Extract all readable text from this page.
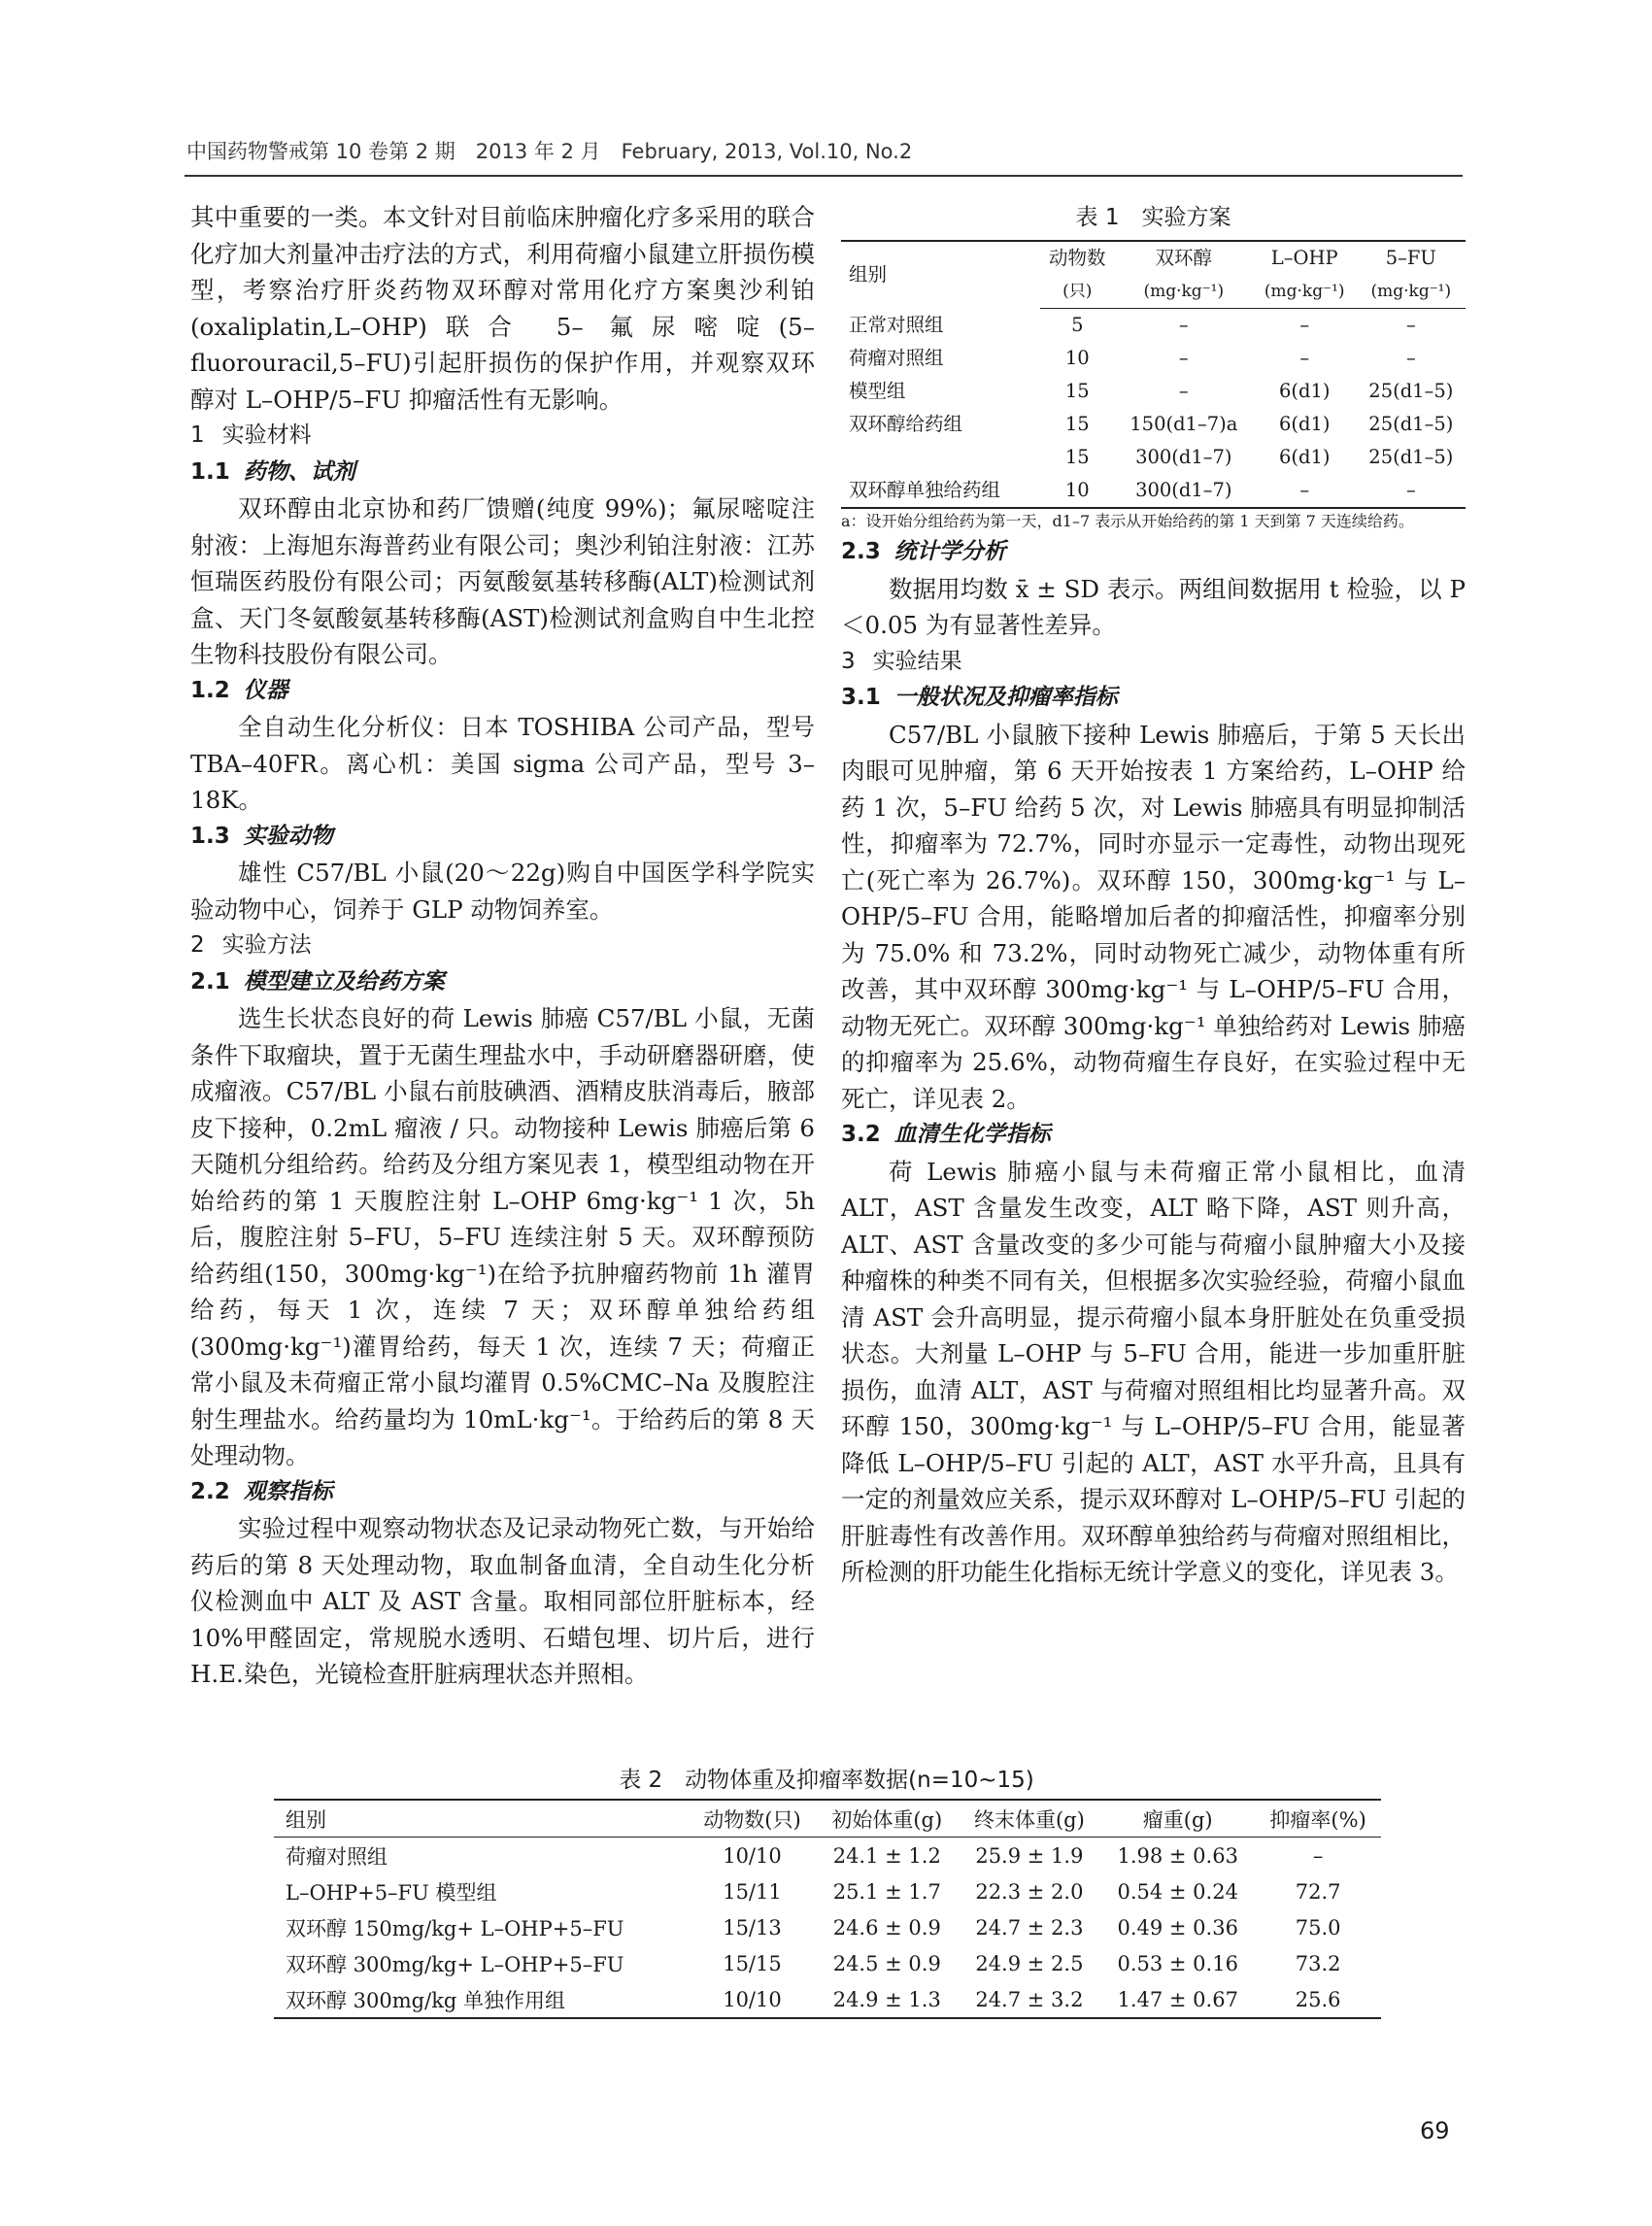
中国药物警戒第 10 卷第 2 期　2013 年 2 月　February, 2013, Vol.10, No.2

其中重要的一类。本文针对目前临床肿瘤化疗多采用的联合化疗加大剂量冲击疗法的方式，利用荷瘤小鼠建立肝损伤模型，考察治疗肝炎药物双环醇对常用化疗方案奥沙利铂(oxaliplatin,L–OHP)联合 5– 氟尿嘧啶(5–fluorouracil,5–FU)引起肝损伤的保护作用，并观察双环醇对 L–OHP/5–FU 抑瘤活性有无影响。

1 实验材料
1.1 药物、试剂

双环醇由北京协和药厂馈赠(纯度 99%)；氟尿嘧啶注射液：上海旭东海普药业有限公司；奥沙利铂注射液：江苏恒瑞医药股份有限公司；丙氨酸氨基转移酶(ALT)检测试剂盒、天门冬氨酸氨基转移酶(AST)检测试剂盒购自中生北控生物科技股份有限公司。

1.2 仪器

全自动生化分析仪：日本 TOSHIBA 公司产品，型号 TBA–40FR。离心机：美国 sigma 公司产品，型号 3–18K。

1.3 实验动物

雄性 C57/BL 小鼠(20～22g)购自中国医学科学院实验动物中心，饲养于 GLP 动物饲养室。

2 实验方法
2.1 模型建立及给药方案

选生长状态良好的荷 Lewis 肺癌 C57/BL 小鼠，无菌条件下取瘤块，置于无菌生理盐水中，手动研磨器研磨，使成瘤液。C57/BL 小鼠右前肢碘酒、酒精皮肤消毒后，腋部皮下接种，0.2mL 瘤液 / 只。动物接种 Lewis 肺癌后第 6 天随机分组给药。给药及分组方案见表 1，模型组动物在开始给药的第 1 天腹腔注射 L–OHP 6mg·kg⁻¹ 1 次，5h 后，腹腔注射 5–FU，5–FU 连续注射 5 天。双环醇预防给药组(150，300mg·kg⁻¹)在给予抗肿瘤药物前 1h 灌胃给药，每天 1 次，连续 7 天；双环醇单独给药组(300mg·kg⁻¹)灌胃给药，每天 1 次，连续 7 天；荷瘤正常小鼠及未荷瘤正常小鼠均灌胃 0.5%CMC–Na 及腹腔注射生理盐水。给药量均为 10mL·kg⁻¹。于给药后的第 8 天处理动物。

2.2 观察指标

实验过程中观察动物状态及记录动物死亡数，与开始给药后的第 8 天处理动物，取血制备血清，全自动生化分析仪检测血中 ALT 及 AST 含量。取相同部位肝脏标本，经 10%甲醛固定，常规脱水透明、石蜡包埋、切片后，进行 H.E.染色，光镜检查肝脏病理状态并照相。

表 1　实验方案
组别	动物数	双环醇	L–OHP	5–FU
	(只)	(mg·kg⁻¹)	(mg·kg⁻¹)	(mg·kg⁻¹)
正常对照组	5	–	–	–
荷瘤对照组	10	–	–	–
模型组	15	–	6(d1)	25(d1–5)
双环醇给药组	15	150(d1–7)a	6(d1)	25(d1–5)
	15	300(d1–7)	6(d1)	25(d1–5)
双环醇单独给药组	10	300(d1–7)	–	–

a：设开始分组给药为第一天，d1–7 表示从开始给药的第 1 天到第 7 天连续给药。

2.3 统计学分析

数据用均数 x̄ ± SD 表示。两组间数据用 t 检验，以 P＜0.05 为有显著性差异。

3 实验结果
3.1 一般状况及抑瘤率指标

C57/BL 小鼠腋下接种 Lewis 肺癌后，于第 5 天长出肉眼可见肿瘤，第 6 天开始按表 1 方案给药，L–OHP 给药 1 次，5–FU 给药 5 次，对 Lewis 肺癌具有明显抑制活性，抑瘤率为 72.7%，同时亦显示一定毒性，动物出现死亡(死亡率为 26.7%)。双环醇 150，300mg·kg⁻¹ 与 L–OHP/5–FU 合用，能略增加后者的抑瘤活性，抑瘤率分别为 75.0% 和 73.2%，同时动物死亡减少，动物体重有所改善，其中双环醇 300mg·kg⁻¹ 与 L–OHP/5–FU 合用，动物无死亡。双环醇 300mg·kg⁻¹ 单独给药对 Lewis 肺癌的抑瘤率为 25.6%，动物荷瘤生存良好，在实验过程中无死亡，详见表 2。

3.2 血清生化学指标

荷 Lewis 肺癌小鼠与未荷瘤正常小鼠相比，血清 ALT，AST 含量发生改变，ALT 略下降，AST 则升高，ALT、AST 含量改变的多少可能与荷瘤小鼠肿瘤大小及接种瘤株的种类不同有关，但根据多次实验经验，荷瘤小鼠血清 AST 会升高明显，提示荷瘤小鼠本身肝脏处在负重受损状态。大剂量 L–OHP 与 5–FU 合用，能进一步加重肝脏损伤，血清 ALT，AST 与荷瘤对照组相比均显著升高。双环醇 150，300mg·kg⁻¹ 与 L–OHP/5–FU 合用，能显著降低 L–OHP/5–FU 引起的 ALT，AST 水平升高，且具有一定的剂量效应关系，提示双环醇对 L–OHP/5–FU 引起的肝脏毒性有改善作用。双环醇单独给药与荷瘤对照组相比，所检测的肝功能生化指标无统计学意义的变化，详见表 3。

表 2　动物体重及抑瘤率数据(n=10~15)
组别	动物数(只)	初始体重(g)	终末体重(g)	瘤重(g)	抑瘤率(%)
荷瘤对照组	10/10	24.1 ± 1.2	25.9 ± 1.9	1.98 ± 0.63	–
L–OHP+5–FU 模型组	15/11	25.1 ± 1.7	22.3 ± 2.0	0.54 ± 0.24	72.7
双环醇 150mg/kg+ L–OHP+5–FU	15/13	24.6 ± 0.9	24.7 ± 2.3	0.49 ± 0.36	75.0
双环醇 300mg/kg+ L–OHP+5–FU	15/15	24.5 ± 0.9	24.9 ± 2.5	0.53 ± 0.16	73.2
双环醇 300mg/kg 单独作用组	10/10	24.9 ± 1.3	24.7 ± 3.2	1.47 ± 0.67	25.6
69
